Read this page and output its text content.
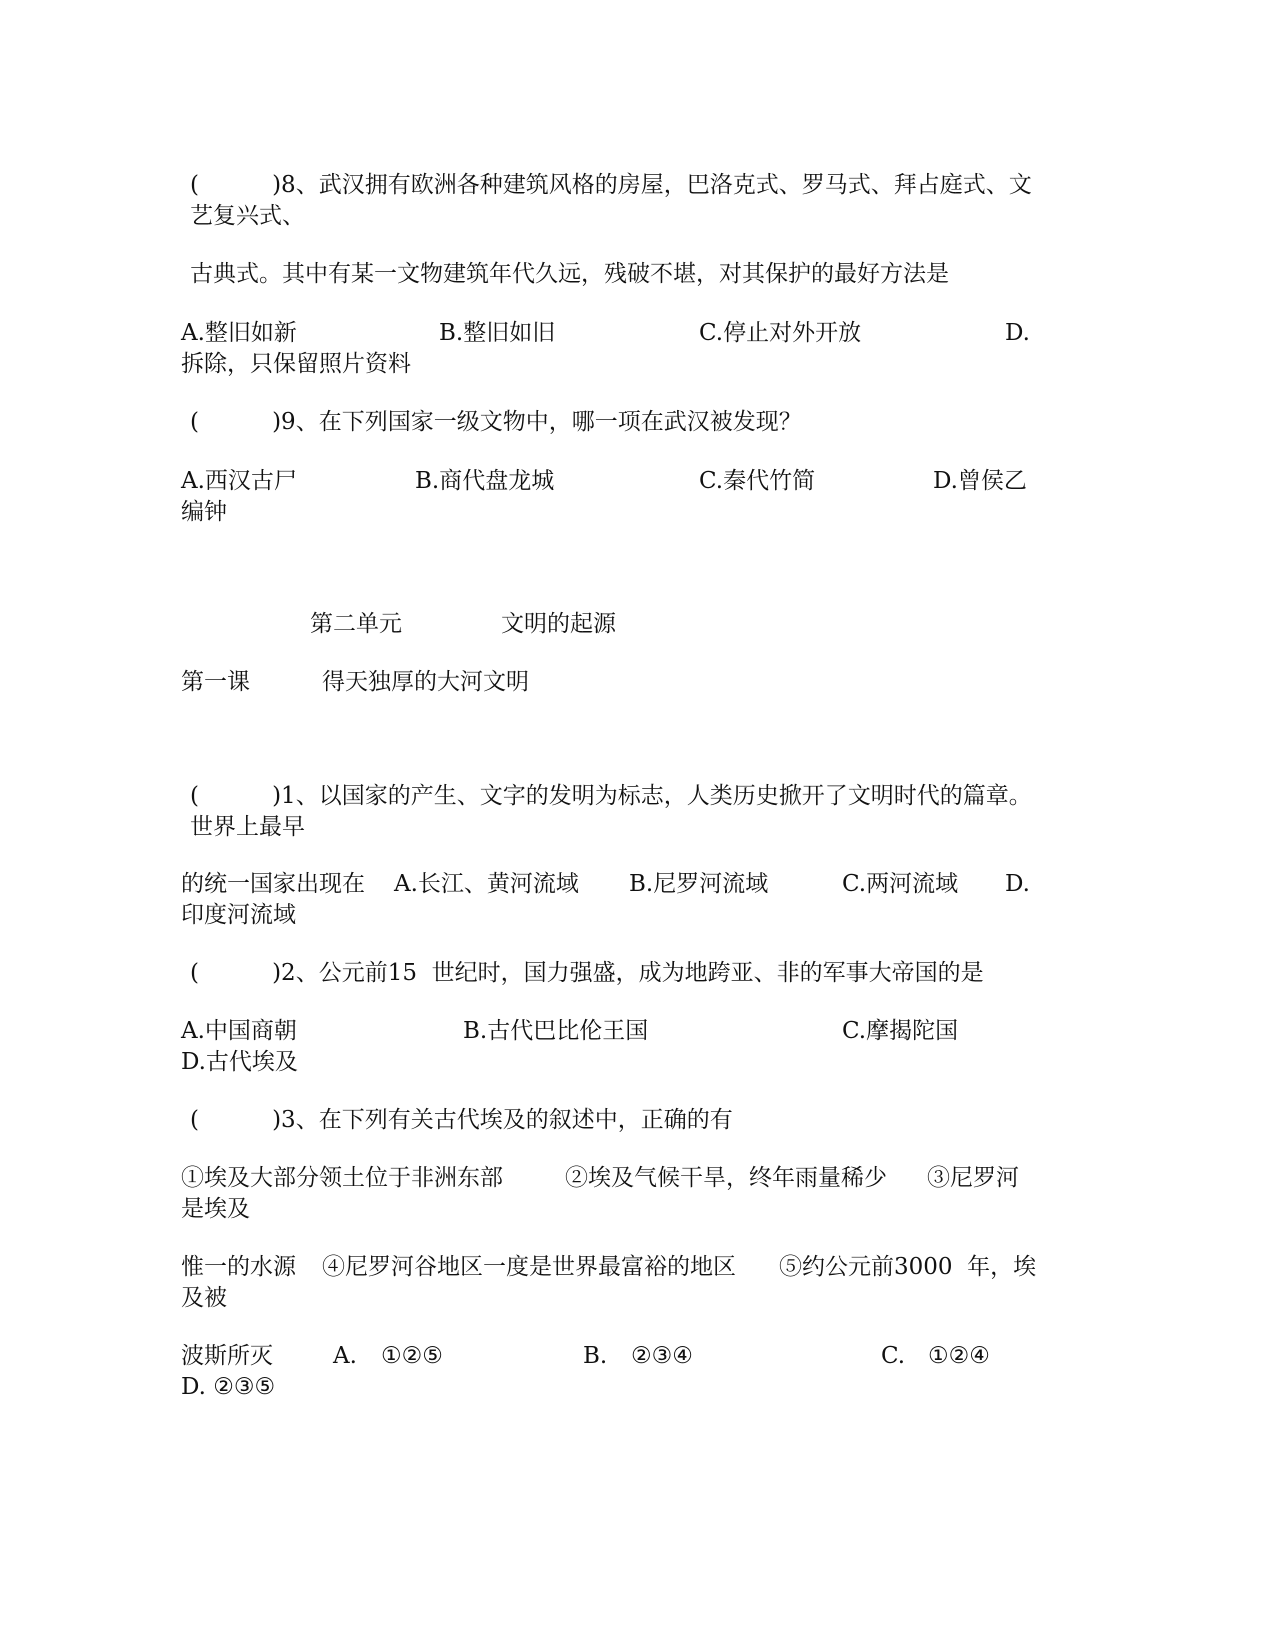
(          )8、武汉拥有欧洲各种建筑风格的房屋，巴洛克式、罗马式、拜占庭式、文
艺复兴式、
古典式。其中有某一文物建筑年代久远，残破不堪，对其保护的最好方法是
A.整旧如新	B.整旧如旧	C.停止对外开放	D.
拆除，只保留照片资料
(          )9、在下列国家一级文物中，哪一项在武汉被发现？
A.西汉古尸	B.商代盘龙城	C.秦代竹简	D.曾侯乙
编钟
第二单元	文明的起源
第一课	得天独厚的大河文明
(          )1、以国家的产生、文字的发明为标志，人类历史掀开了文明时代的篇章。
世界上最早
的统一国家出现在 A.长江、黄河流域 B.尼罗河流域	C.两河流域 D.
印度河流域
(          )2、公元前15  世纪时，国力强盛，成为地跨亚、非的军事大帝国的是
A.中国商朝	B.古代巴比伦王国	C.摩揭陀国
D.古代埃及
(          )3、在下列有关古代埃及的叙述中，正确的有
①埃及大部分领土位于非洲东部	②埃及气候干旱，终年雨量稀少 ③尼罗河
是埃及
惟一的水源 ④尼罗河谷地区一度是世界最富裕的地区 ⑤约公元前3000  年，埃
及被
波斯所灭	A. ①②⑤	B. ②③④	C. ①②④
D. ②③⑤
